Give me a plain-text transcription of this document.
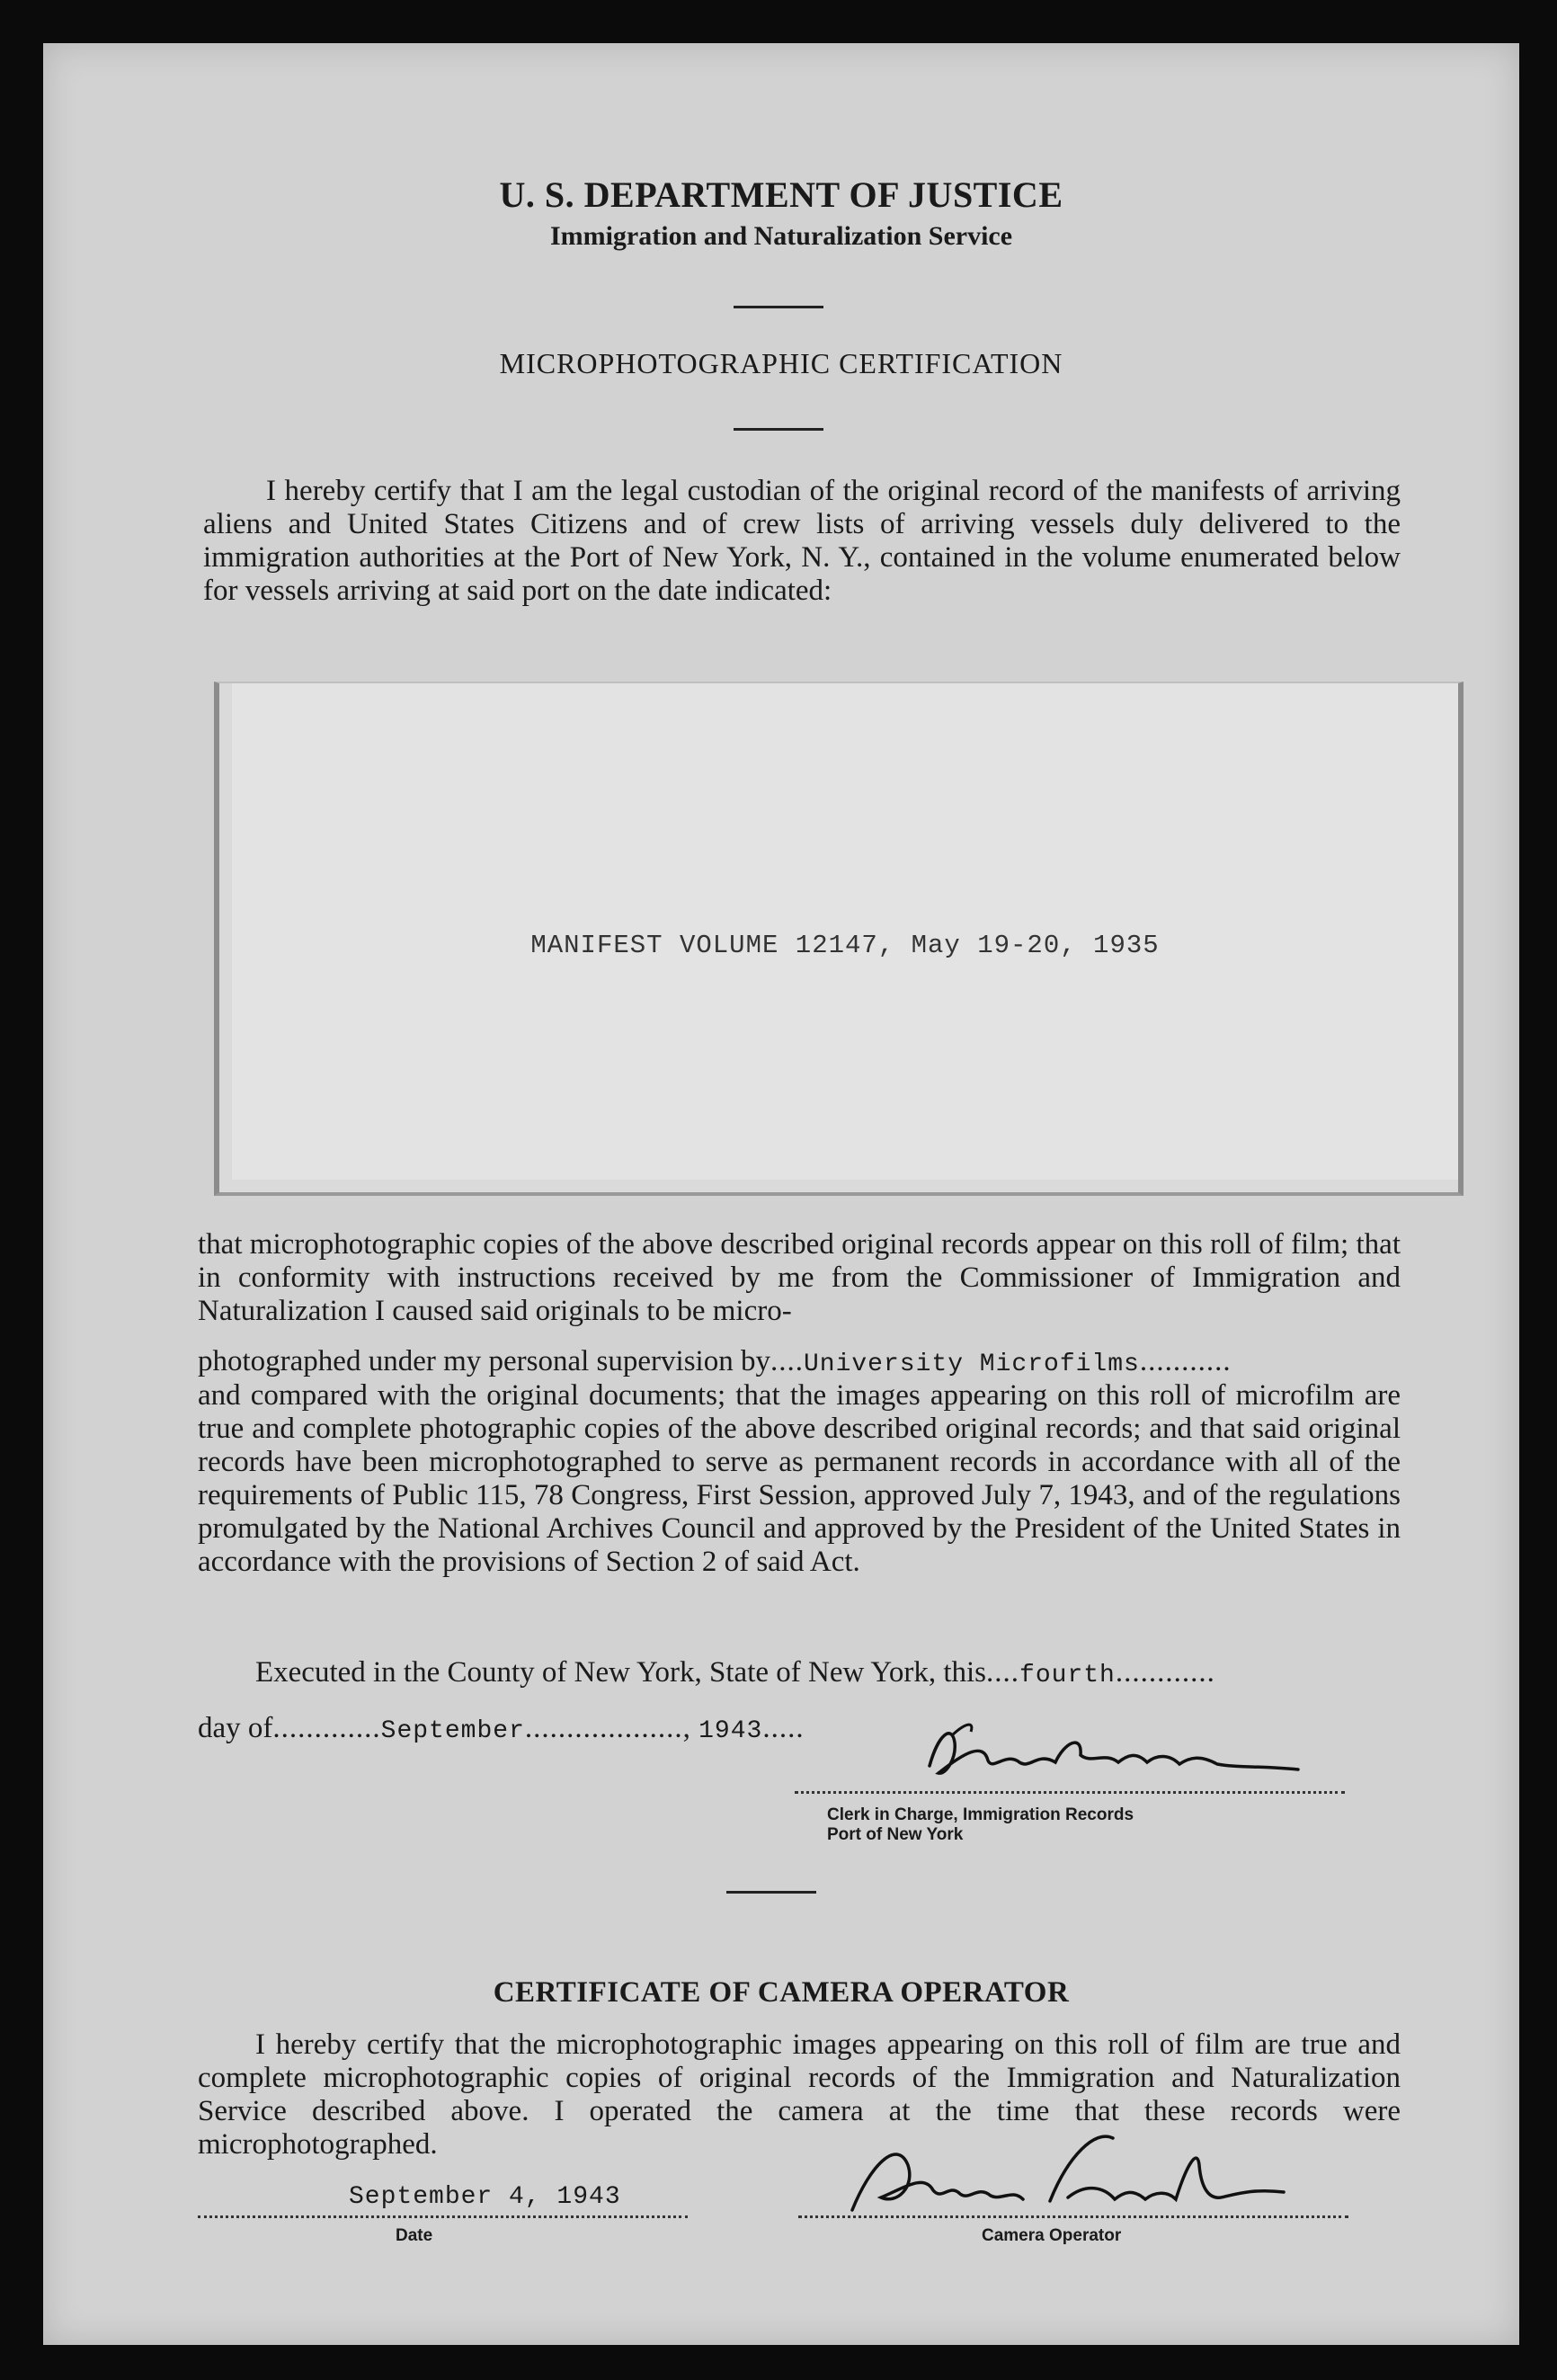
U. S. DEPARTMENT OF JUSTICE
Immigration and Naturalization Service
MICROPHOTOGRAPHIC CERTIFICATION
I hereby certify that I am the legal custodian of the original record of the manifests of arriving aliens and United States Citizens and of crew lists of arriving vessels duly delivered to the immigration authorities at the Port of New York, N. Y., contained in the volume enumerated below for vessels arriving at said port on the date indicated:
MANIFEST VOLUME 12147, May 19-20, 1935
that microphotographic copies of the above described original records appear on this roll of film; that in conformity with instructions received by me from the Commissioner of Immigration and Naturalization I caused said originals to be micro-
photographed under my personal supervision by....University Microfilms...........
and compared with the original documents; that the images appearing on this roll of microfilm are true and complete photographic copies of the above described original records; and that said original records have been microphotographed to serve as permanent records in accordance with all of the requirements of Public 115, 78 Congress, First Session, approved July 7, 1943, and of the regulations promulgated by the National Archives Council and approved by the President of the United States in accordance with the provisions of Section 2 of said Act.
Executed in the County of New York, State of New York, this....fourth............
day of.............September..................., 1943.....
Clerk in Charge, Immigration Records
Port of New York
CERTIFICATE OF CAMERA OPERATOR
I hereby certify that the microphotographic images appearing on this roll of film are true and complete microphotographic copies of original records of the Immigration and Naturalization Service described above. I operated the camera at the time that these records were microphotographed.
September 4, 1943
Date	Camera Operator
